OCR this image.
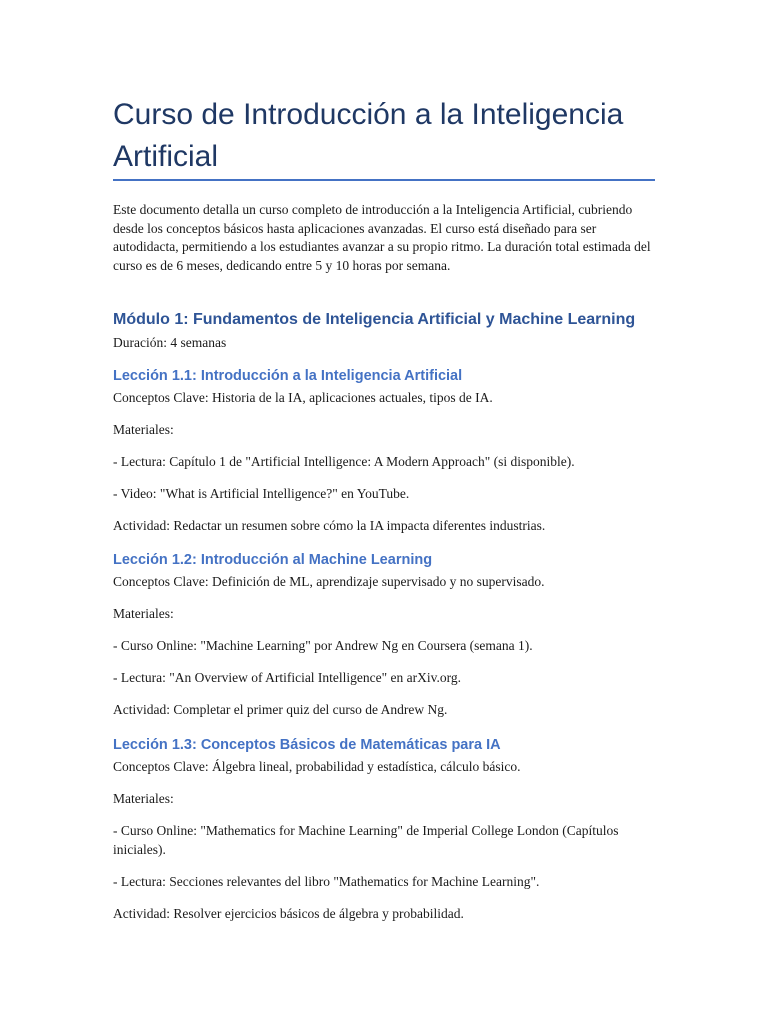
Curso de Introducción a la Inteligencia Artificial

Este documento detalla un curso completo de introducción a la Inteligencia Artificial, cubriendo desde los conceptos básicos hasta aplicaciones avanzadas. El curso está diseñado para ser autodidacta, permitiendo a los estudiantes avanzar a su propio ritmo. La duración total estimada del curso es de 6 meses, dedicando entre 5 y 10 horas por semana.

Módulo 1: Fundamentos de Inteligencia Artificial y Machine Learning

Duración: 4 semanas

Lección 1.1: Introducción a la Inteligencia Artificial

Conceptos Clave: Historia de la IA, aplicaciones actuales, tipos de IA.

Materiales:

- Lectura: Capítulo 1 de "Artificial Intelligence: A Modern Approach" (si disponible).

- Video: "What is Artificial Intelligence?" en YouTube.

Actividad: Redactar un resumen sobre cómo la IA impacta diferentes industrias.

Lección 1.2: Introducción al Machine Learning

Conceptos Clave: Definición de ML, aprendizaje supervisado y no supervisado.

Materiales:

- Curso Online: "Machine Learning" por Andrew Ng en Coursera (semana 1).

- Lectura: "An Overview of Artificial Intelligence" en arXiv.org.

Actividad: Completar el primer quiz del curso de Andrew Ng.

Lección 1.3: Conceptos Básicos de Matemáticas para IA

Conceptos Clave: Álgebra lineal, probabilidad y estadística, cálculo básico.

Materiales:

- Curso Online: "Mathematics for Machine Learning" de Imperial College London (Capítulos iniciales).

- Lectura: Secciones relevantes del libro "Mathematics for Machine Learning".

Actividad: Resolver ejercicios básicos de álgebra y probabilidad.
